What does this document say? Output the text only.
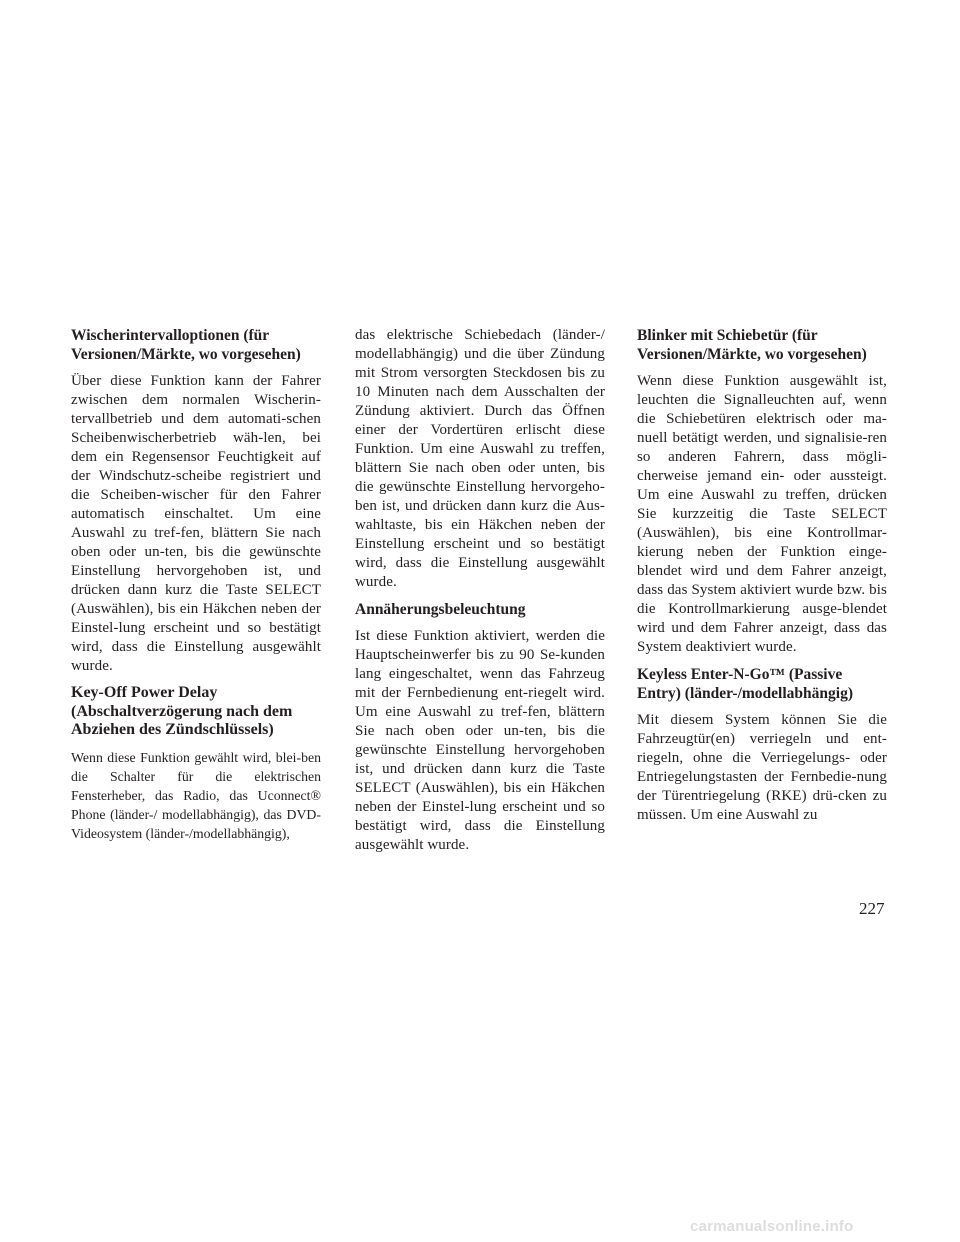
Wischerintervalloptionen (für Versionen/Märkte, wo vorgesehen)
Über diese Funktion kann der Fahrer zwischen dem normalen Wischerin-tervallbetrieb und dem automati-schen Scheibenwischerbetrieb wäh-len, bei dem ein Regensensor Feuchtigkeit auf der Windschutz-scheibe registriert und die Scheiben-wischer für den Fahrer automatisch einschaltet. Um eine Auswahl zu tref-fen, blättern Sie nach oben oder un-ten, bis die gewünschte Einstellung hervorgehoben ist, und drücken dann kurz die Taste SELECT (Auswählen), bis ein Häkchen neben der Einstel-lung erscheint und so bestätigt wird, dass die Einstellung ausgewählt wurde.
Key-Off Power Delay (Abschaltverzögerung nach dem Abziehen des Zündschlüssels)
Wenn diese Funktion gewählt wird, blei-ben die Schalter für die elektrischen Fensterheber, das Radio, das Uconnect® Phone (länder-/ modellabhängig), das DVD-Videosystem (länder-/modellabhängig),
das elektrische Schiebedach (länder-/ modellabhängig) und die über Zündung mit Strom versorgten Steckdosen bis zu 10 Minuten nach dem Ausschalten der Zündung aktiviert. Durch das Öffnen einer der Vordertüren erlischt diese Funktion. Um eine Auswahl zu treffen, blättern Sie nach oben oder unten, bis die gewünschte Einstellung hervorgeho-ben ist, und drücken dann kurz die Aus-wahltaste, bis ein Häkchen neben der Einstellung erscheint und so bestätigt wird, dass die Einstellung ausgewählt wurde.
Annäherungsbeleuchtung
Ist diese Funktion aktiviert, werden die Hauptscheinwerfer bis zu 90 Se-kunden lang eingeschaltet, wenn das Fahrzeug mit der Fernbedienung ent-riegelt wird. Um eine Auswahl zu tref-fen, blättern Sie nach oben oder un-ten, bis die gewünschte Einstellung hervorgehoben ist, und drücken dann kurz die Taste SELECT (Auswählen), bis ein Häkchen neben der Einstel-lung erscheint und so bestätigt wird, dass die Einstellung ausgewählt wurde.
Blinker mit Schiebetür (für Versionen/Märkte, wo vorgesehen)
Wenn diese Funktion ausgewählt ist, leuchten die Signalleuchten auf, wenn die Schiebetüren elektrisch oder ma-nuell betätigt werden, und signalisie-ren so anderen Fahrern, dass mögli-cherweise jemand ein- oder aussteigt. Um eine Auswahl zu treffen, drücken Sie kurzzeitig die Taste SELECT (Auswählen), bis eine Kontrollmar-kierung neben der Funktion einge-blendet wird und dem Fahrer anzeigt, dass das System aktiviert wurde bzw. bis die Kontrollmarkierung ausge-blendet wird und dem Fahrer anzeigt, dass das System deaktiviert wurde.
Keyless Enter-N-Go™ (Passive Entry) (länder-/modellabhängig)
Mit diesem System können Sie die Fahrzeugtür(en) verriegeln und ent-riegeln, ohne die Verriegelungs- oder Entriegelungstasten der Fernbedie-nung der Türentriegelung (RKE) drü-cken zu müssen. Um eine Auswahl zu
227
carmanualsonline.info
